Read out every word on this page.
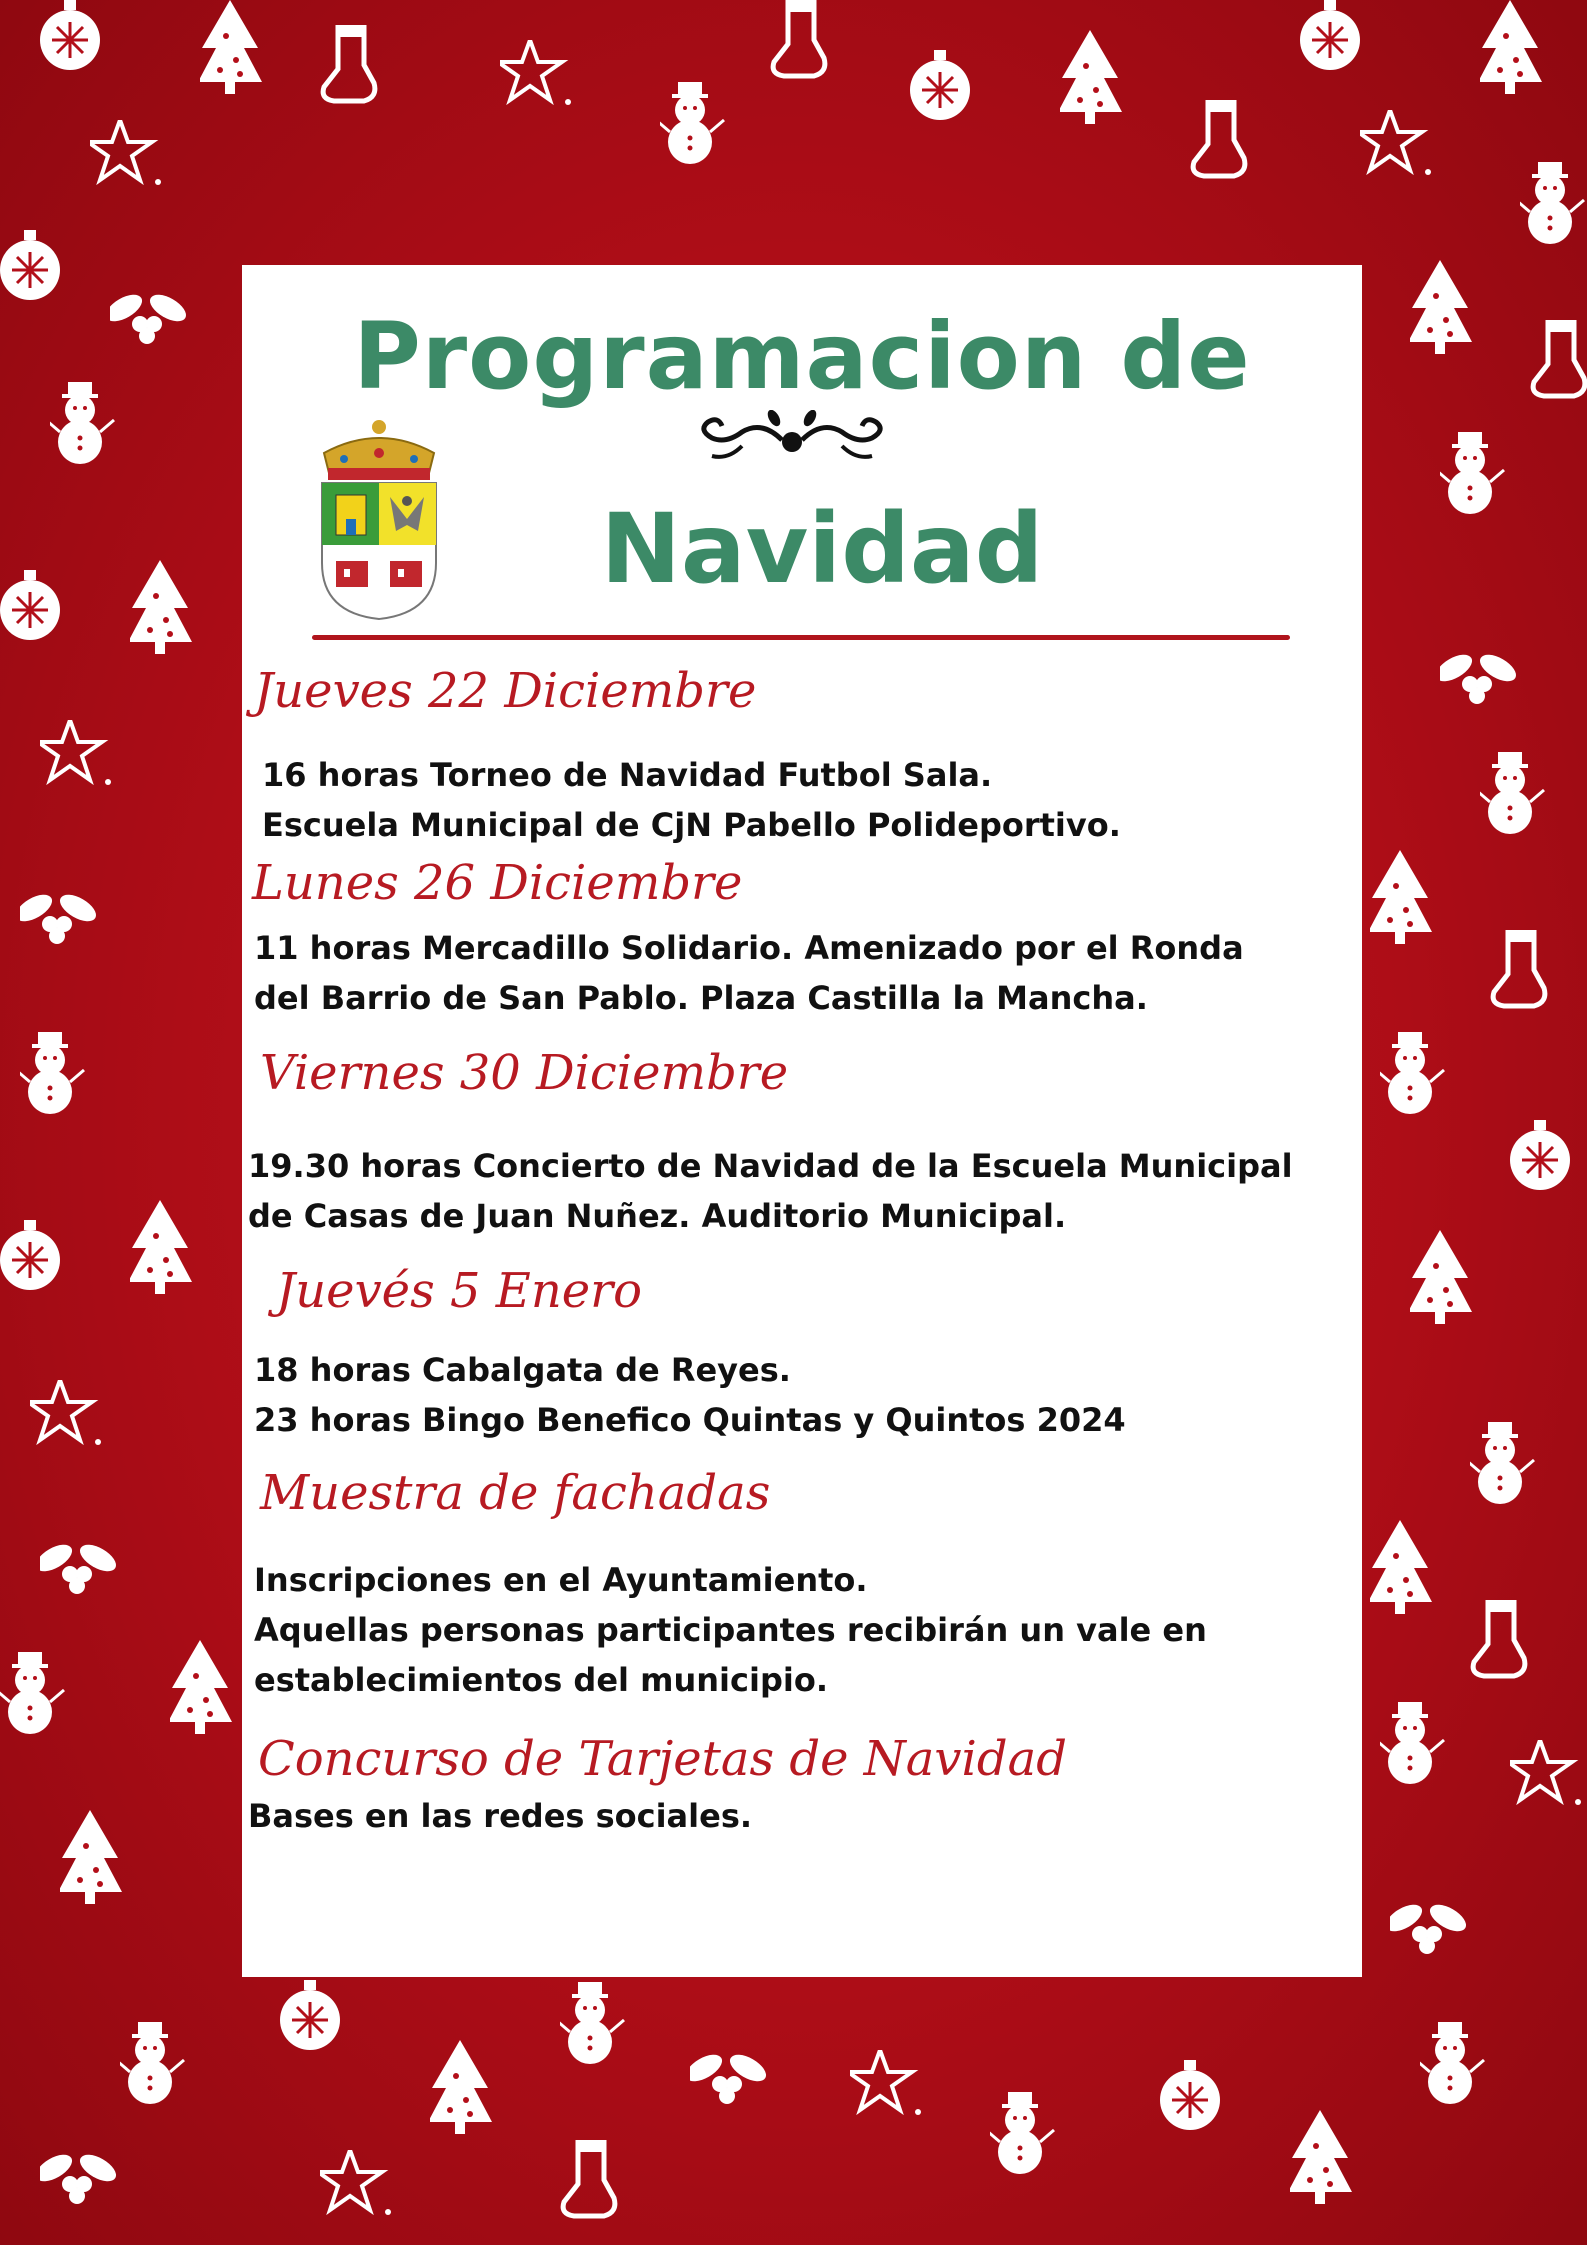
Programacion de
Navidad
Jueves 22 Diciembre
16 horas Torneo de Navidad Futbol Sala.
Escuela Municipal de CjN Pabello Polideportivo.
Lunes 26 Diciembre
11 horas Mercadillo Solidario. Amenizado por el Ronda
del Barrio de San Pablo. Plaza Castilla la Mancha.
Viernes 30 Diciembre
19.30 horas Concierto de Navidad de la Escuela Municipal
de Casas de Juan Nuñez. Auditorio Municipal.
Juevés 5 Enero
18 horas Cabalgata de Reyes.
23 horas Bingo Benefico Quintas y Quintos 2024
Muestra de fachadas
Inscripciones en el Ayuntamiento.
Aquellas personas participantes recibirán un vale en
establecimientos del municipio.
Concurso de Tarjetas de Navidad
Bases en las redes sociales.
